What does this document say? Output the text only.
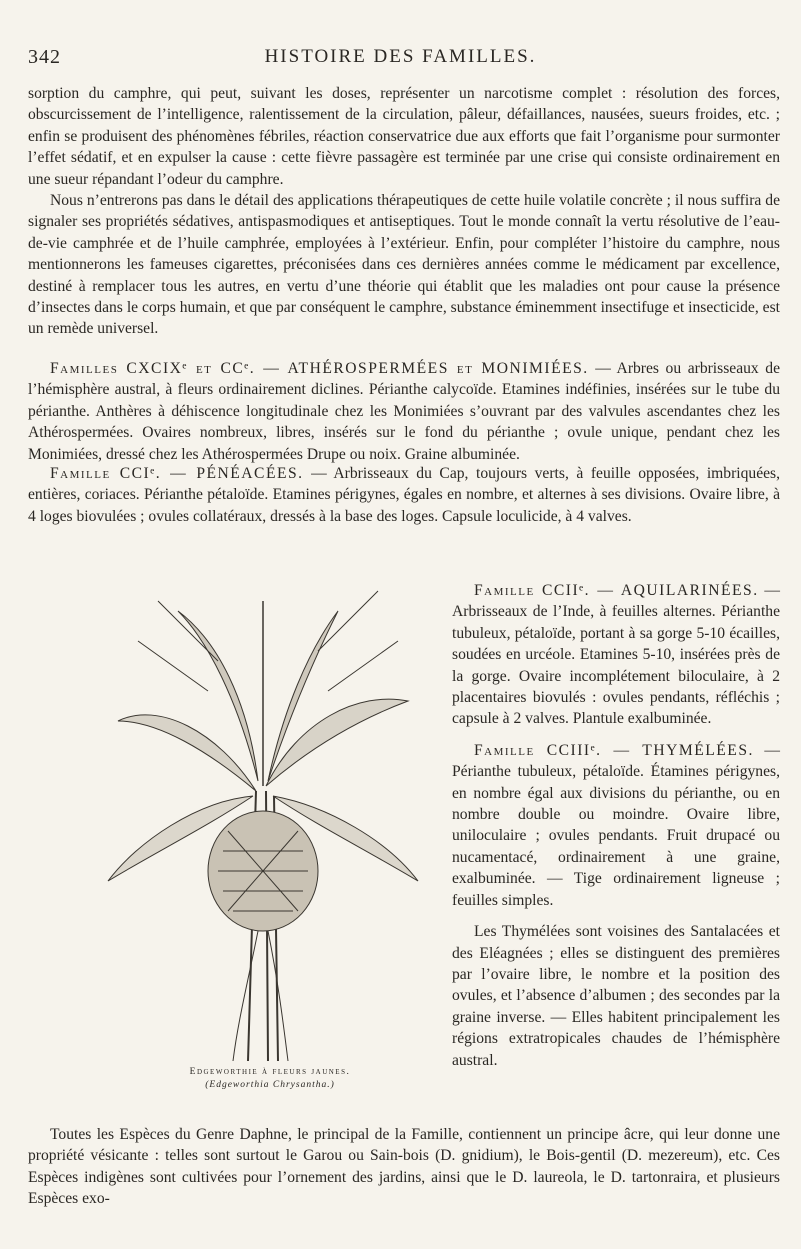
342	HISTOIRE DES FAMILLES.

sorption du camphre, qui peut, suivant les doses, représenter un narcotisme complet : résolution des forces, obscurcissement de l’intelligence, ralentissement de la circulation, pâleur, défaillances, nausées, sueurs froides, etc. ; enfin se produisent des phénomènes fébriles, réaction conservatrice due aux efforts que fait l’organisme pour surmonter l’effet sédatif, et en expulser la cause : cette fièvre passagère est terminée par une crise qui consiste ordinairement en une sueur répandant l’odeur du camphre.

Nous n’entrerons pas dans le détail des applications thérapeutiques de cette huile volatile concrète ; il nous suffira de signaler ses propriétés sédatives, antispasmodiques et antiseptiques. Tout le monde connaît la vertu résolutive de l’eau-de-vie camphrée et de l’huile camphrée, employées à l’extérieur. Enfin, pour compléter l’histoire du camphre, nous mentionnerons les fameuses cigarettes, préconisées dans ces dernières années comme le médicament par excellence, destiné à remplacer tous les autres, en vertu d’une théorie qui établit que les maladies ont pour cause la présence d’insectes dans le corps humain, et que par conséquent le camphre, substance éminemment insectifuge et insecticide, est un remède universel.

Familles CXCIXᵉ et CCᵉ. — ATHÉROSPERMÉES et MONIMIÉES. — Arbres ou arbrisseaux de l’hémisphère austral, à fleurs ordinairement diclines. Périanthe calycoïde. Etamines indéfinies, insérées sur le tube du périanthe. Anthères à déhiscence longitudinale chez les Monimiées s’ouvrant par des valvules ascendantes chez les Athérospermées. Ovaires nombreux, libres, insérés sur le fond du périanthe ; ovule unique, pendant chez les Monimiées, dressé chez les Athérospermées Drupe ou noix. Graine albuminée.

Famille CCIᵉ. — PÉNÉACÉES. — Arbrisseaux du Cap, toujours verts, à feuille opposées, imbriquées, entières, coriaces. Périanthe pétaloïde. Etamines périgynes, égales en nombre, et alternes à ses divisions. Ovaire libre, à 4 loges biovulées ; ovules collatéraux, dressés à la base des loges. Capsule loculicide, à 4 valves.

Edgeworthie à fleurs jaunes.
(Edgeworthia Chrysantha.)

Famille CCIIᵉ. — AQUILARINÉES. — Arbrisseaux de l’Inde, à feuilles alternes. Périanthe tubuleux, pétaloïde, portant à sa gorge 5-10 écailles, soudées en urcéole. Etamines 5-10, insérées près de la gorge. Ovaire incomplétement biloculaire, à 2 placentaires biovulés : ovules pendants, réfléchis ; capsule à 2 valves. Plantule exalbuminée.

Famille CCIIIᵉ. — THYMÉLÉES. — Périanthe tubuleux, pétaloïde. Étamines périgynes, en nombre égal aux divisions du périanthe, ou en nombre double ou moindre. Ovaire libre, uniloculaire ; ovules pendants. Fruit drupacé ou nucamentacé, ordinairement à une graine, exalbuminée. — Tige ordinairement ligneuse ; feuilles simples.

Les Thymélées sont voisines des Santalacées et des Eléagnées ; elles se distinguent des premières par l’ovaire libre, le nombre et la position des ovules, et l’absence d’albumen ; des secondes par la graine inverse. — Elles habitent principalement les régions extratropicales chaudes de l’hémisphère austral.

Toutes les Espèces du Genre Daphne, le principal de la Famille, contiennent un principe âcre, qui leur donne une propriété vésicante : telles sont surtout le Garou ou Sain-bois (D. gnidium), le Bois-gentil (D. mezereum), etc. Ces Espèces indigènes sont cultivées pour l’ornement des jardins, ainsi que le D. laureola, le D. tartonraira, et plusieurs Espèces exo-
